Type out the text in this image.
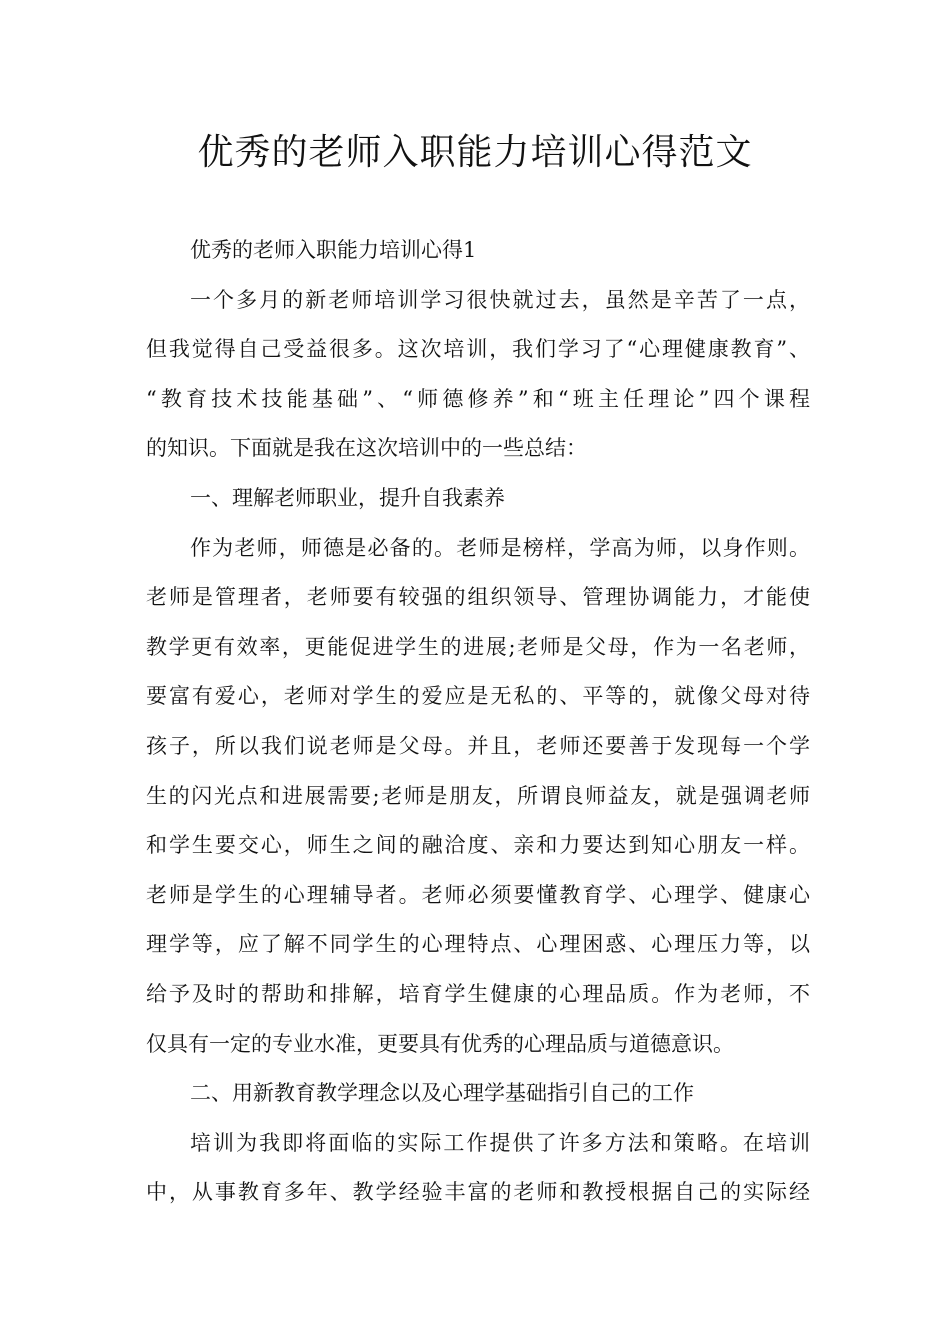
优秀的老师入职能力培训心得范文
优秀的老师入职能力培训心得1
一个多月的新老师培训学习很快就过去，虽然是辛苦了一点，
但我觉得自己受益很多。这次培训，我们学习了“心理健康教育”、
“教育技术技能基础”、“师德修养”和“班主任理论”四个课程
的知识。下面就是我在这次培训中的一些总结：
一、理解老师职业，提升自我素养
作为老师，师德是必备的。老师是榜样，学高为师，以身作则。
老师是管理者，老师要有较强的组织领导、管理协调能力，才能使
教学更有效率，更能促进学生的进展;老师是父母，作为一名老师，
要富有爱心，老师对学生的爱应是无私的、平等的，就像父母对待
孩子，所以我们说老师是父母。并且，老师还要善于发现每一个学
生的闪光点和进展需要;老师是朋友，所谓良师益友，就是强调老师
和学生要交心，师生之间的融洽度、亲和力要达到知心朋友一样。
老师是学生的心理辅导者。老师必须要懂教育学、心理学、健康心
理学等，应了解不同学生的心理特点、心理困惑、心理压力等，以
给予及时的帮助和排解，培育学生健康的心理品质。作为老师，不
仅具有一定的专业水准，更要具有优秀的心理品质与道德意识。
二、用新教育教学理念以及心理学基础指引自己的工作
培训为我即将面临的实际工作提供了许多方法和策略。在培训
中，从事教育多年、教学经验丰富的老师和教授根据自己的实际经
